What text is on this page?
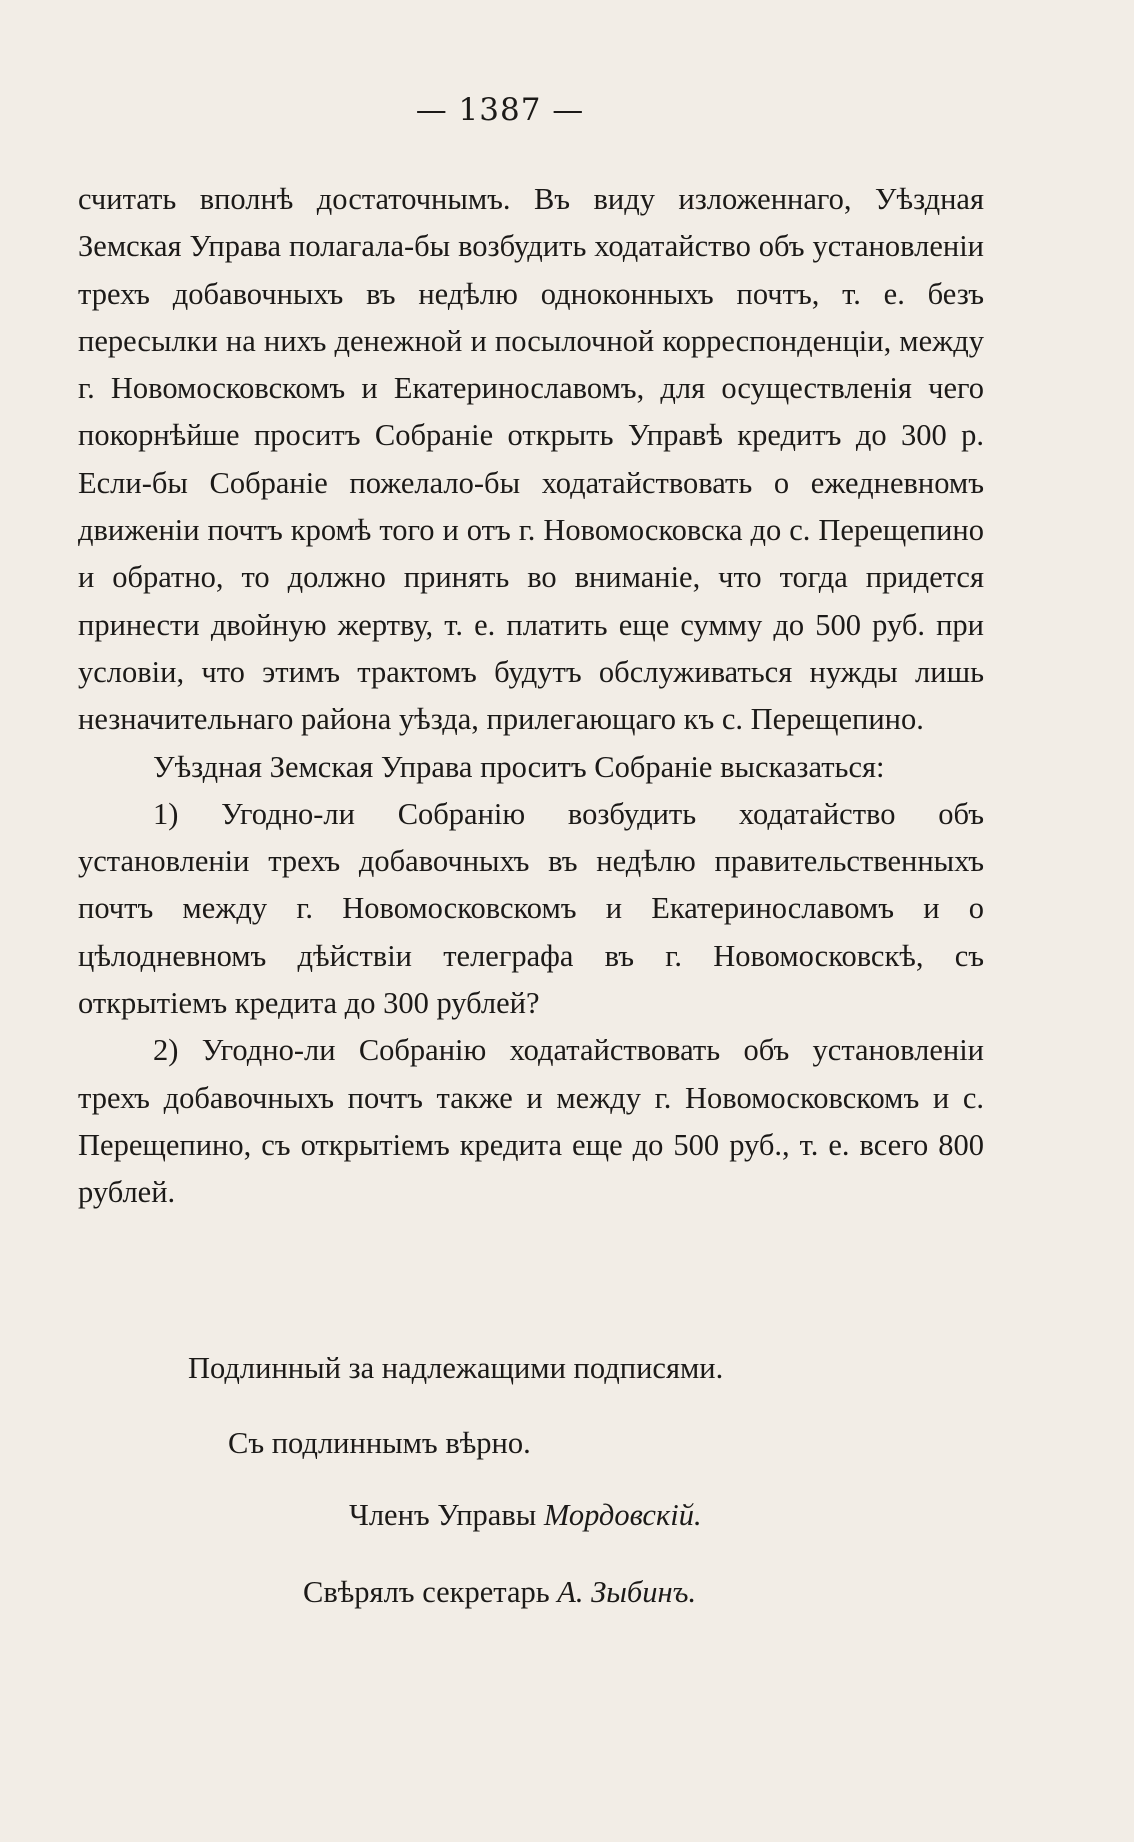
— 1387 —

считать вполнѣ достаточнымъ. Въ виду изложеннаго, Уѣздная Земская Управа полагала-бы возбудить ходатайство объ установленіи трехъ добавочныхъ въ недѣлю одноконныхъ почтъ, т. е. безъ пересылки на нихъ денежной и посылочной корреспонденціи, между г. Новомосковскомъ и Екатеринославомъ, для осуществленія чего покорнѣйше проситъ Собраніе открыть Управѣ кредитъ до 300 р. Если-бы Собраніе пожелало-бы ходатайствовать о ежедневномъ движеніи почтъ кромѣ того и отъ г. Новомосковска до с. Перещепино и обратно, то должно принять во вниманіе, что тогда придется принести двойную жертву, т. е. платить еще сумму до 500 руб. при условіи, что этимъ трактомъ будутъ обслуживаться нужды лишь незначительнаго района уѣзда, прилегающаго къ с. Перещепино.

Уѣздная Земская Управа проситъ Собраніе высказаться:

1) Угодно-ли Собранію возбудить ходатайство объ установленіи трехъ добавочныхъ въ недѣлю правительственныхъ почтъ между г. Новомосковскомъ и Екатеринославомъ и о цѣлодневномъ дѣйствіи телеграфа въ г. Новомосковскѣ, съ открытіемъ кредита до 300 рублей?

2) Угодно-ли Собранію ходатайствовать объ установленіи трехъ добавочныхъ почтъ также и между г. Новомосковскомъ и с. Перещепино, съ открытіемъ кредита еще до 500 руб., т. е. всего 800 рублей.

Подлинный за надлежащими подписями.
Съ подлиннымъ вѣрно.
Членъ Управы Мордовскій.
Свѣрялъ секретарь А. Зыбинъ.
